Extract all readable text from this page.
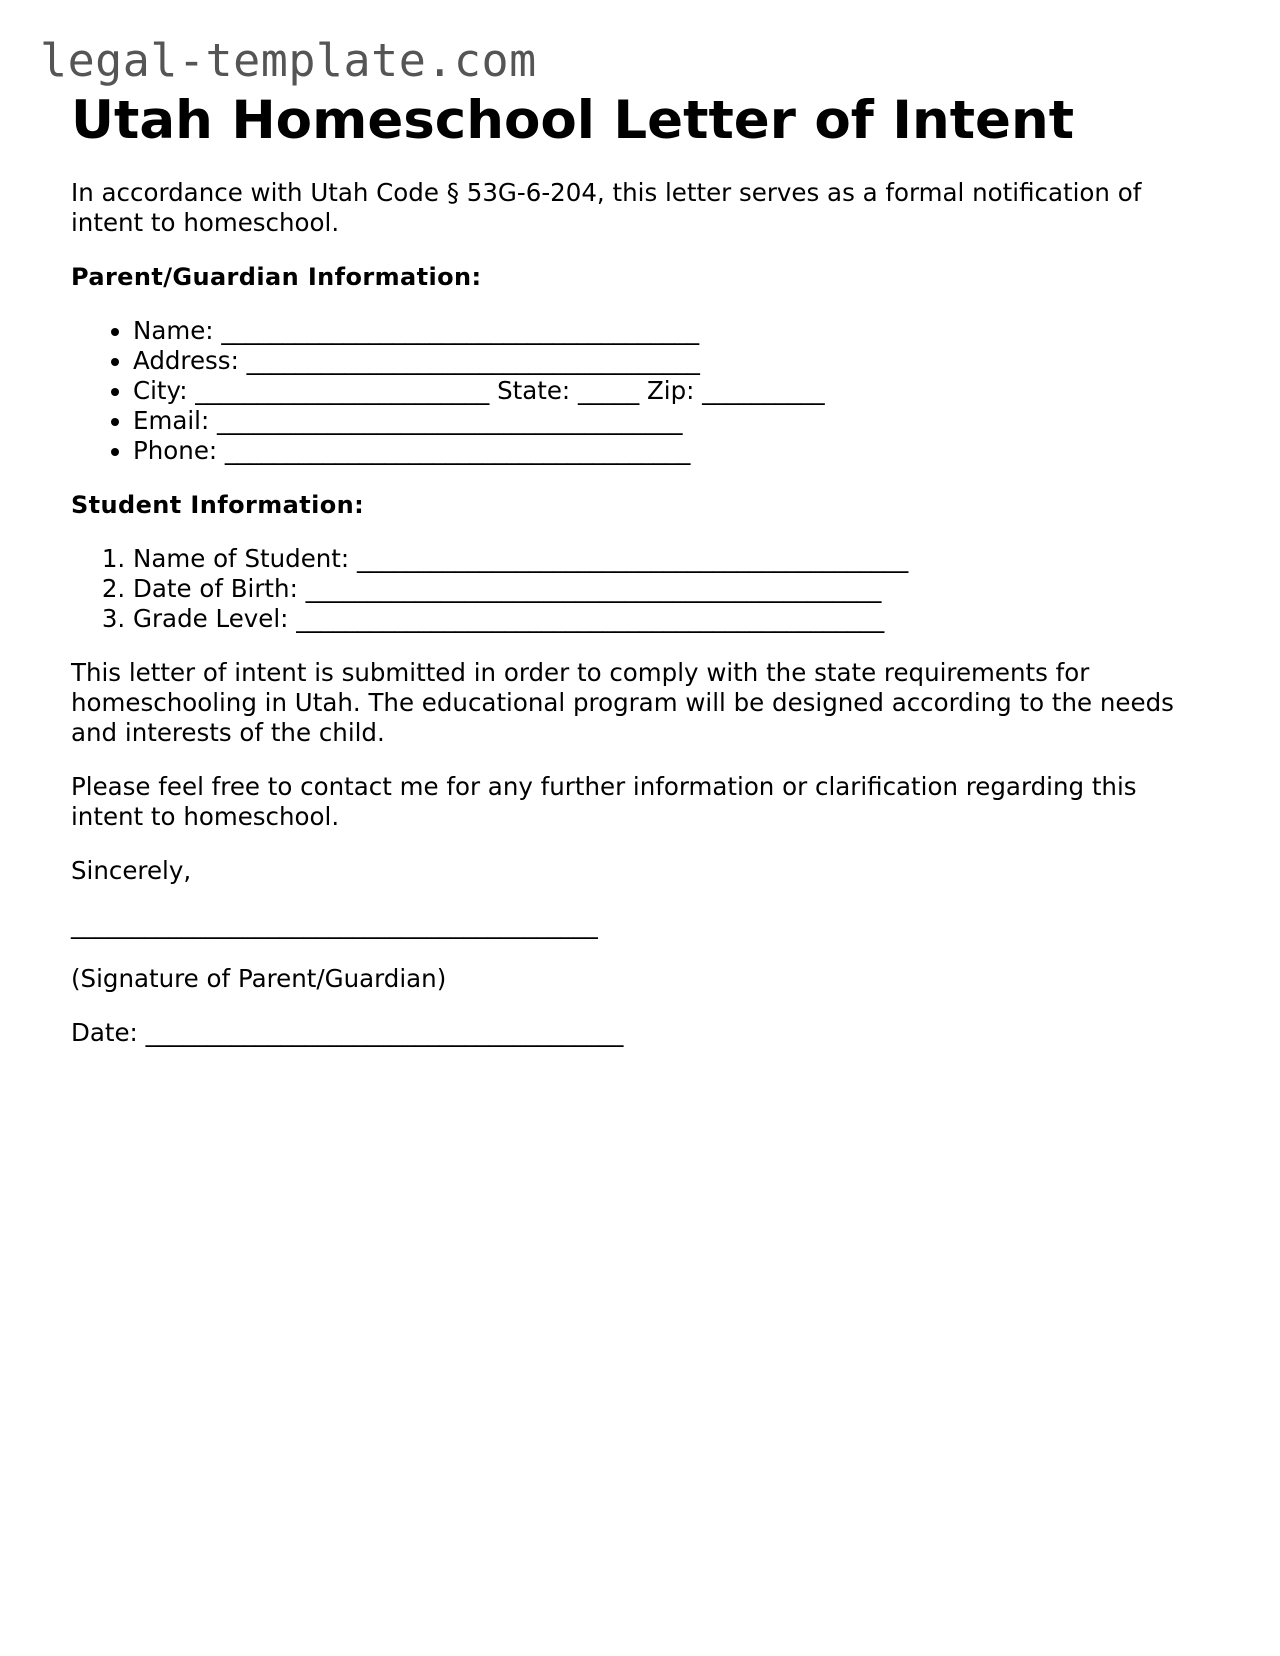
legal-template.com
Utah Homeschool Letter of Intent

In accordance with Utah Code § 53G-6-204, this letter serves as a formal notification of intent to homeschool.

Parent/Guardian Information:

• Name: _______________________________________
• Address: _____________________________________
• City: ________________________ State: _____ Zip: __________
• Email: ______________________________________
• Phone: ______________________________________

Student Information:

1. Name of Student: _____________________________________________
2. Date of Birth: _______________________________________________
3. Grade Level: ________________________________________________

This letter of intent is submitted in order to comply with the state requirements for homeschooling in Utah. The educational program will be designed according to the needs and interests of the child.

Please feel free to contact me for any further information or clarification regarding this intent to homeschool.

Sincerely,

___________________________________________

(Signature of Parent/Guardian)

Date: _______________________________________
